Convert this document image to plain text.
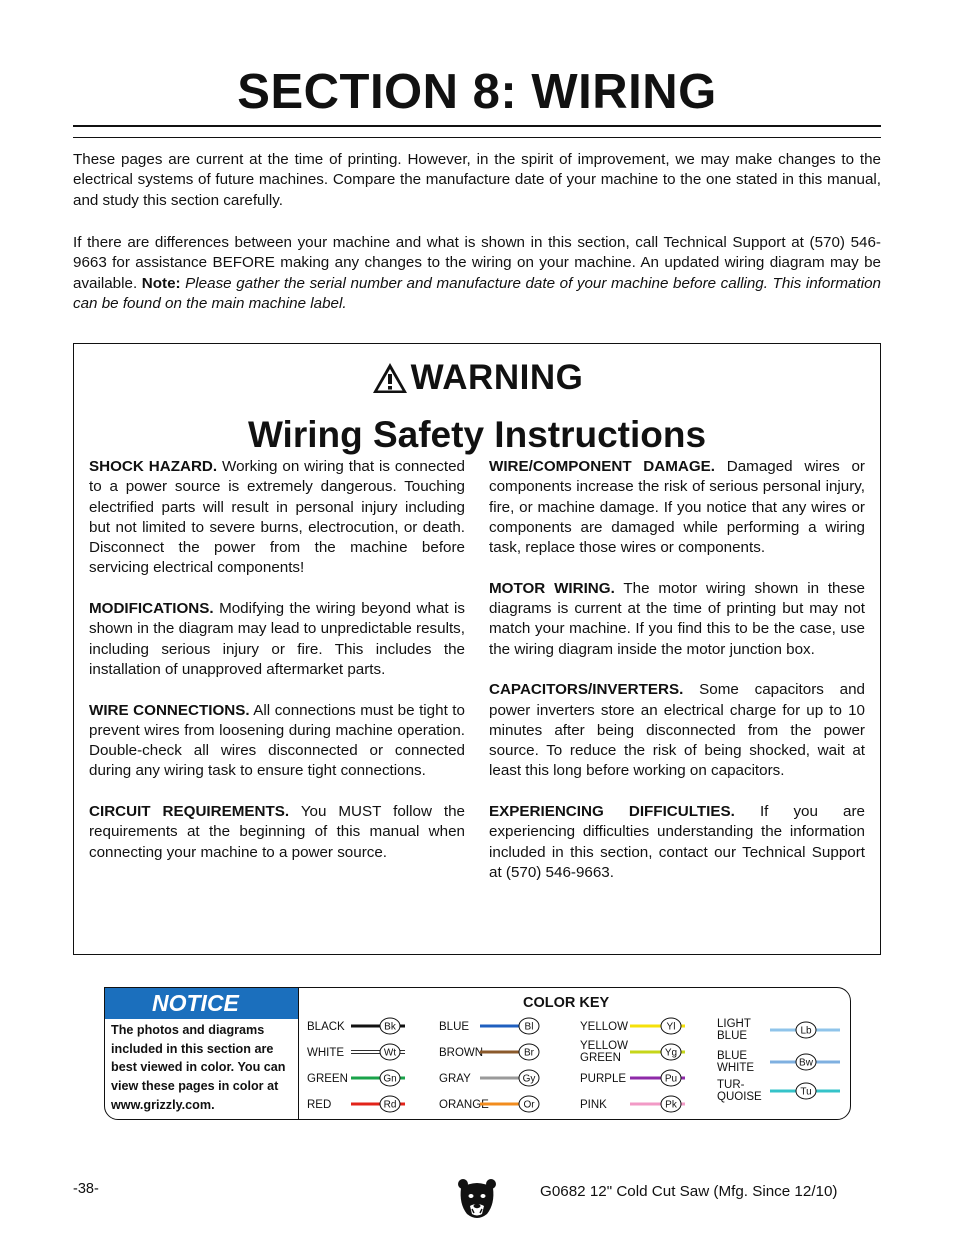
SECTION 8: WIRING

These pages are current at the time of printing. However, in the spirit of improvement, we may make changes to the electrical systems of future machines. Compare the manufacture date of your machine to the one stated in this manual, and study this section carefully.

If there are differences between your machine and what is shown in this section, call Technical Support at (570) 546-9663 for assistance BEFORE making any changes to the wiring on your machine. An updated wiring diagram may be available. Note: Please gather the serial number and manufacture date of your machine before calling. This information can be found on the main machine label.

WARNING
Wiring Safety Instructions

SHOCK HAZARD. Working on wiring that is connected to a power source is extremely dangerous. Touching electrified parts will result in personal injury including but not limited to severe burns, electrocution, or death. Disconnect the power from the machine before servicing electrical components!

MODIFICATIONS. Modifying the wiring beyond what is shown in the diagram may lead to unpredictable results, including serious injury or fire. This includes the installation of unapproved aftermarket parts.

WIRE CONNECTIONS. All connections must be tight to prevent wires from loosening during machine operation. Double-check all wires disconnected or connected during any wiring task to ensure tight connections.

CIRCUIT REQUIREMENTS. You MUST follow the requirements at the beginning of this manual when connecting your machine to a power source.

WIRE/COMPONENT DAMAGE. Damaged wires or components increase the risk of serious personal injury, fire, or machine damage. If you notice that any wires or components are damaged while performing a wiring task, replace those wires or components.

MOTOR WIRING. The motor wiring shown in these diagrams is current at the time of printing but may not match your machine. If you find this to be the case, use the wiring diagram inside the motor junction box.

CAPACITORS/INVERTERS. Some capacitors and power inverters store an electrical charge for up to 10 minutes after being disconnected from the power source. To reduce the risk of being shocked, wait at least this long before working on capacitors.

EXPERIENCING DIFFICULTIES. If you are experiencing difficulties understanding the information included in this section, contact our Technical Support at (570) 546-9663.

NOTICE
The photos and diagrams included in this section are best viewed in color. You can view these pages in color at www.grizzly.com.
COLOR KEY
BLACK	Bk
WHITE	Wt
GREEN	Gn
RED	Rd
BLUE	Bl
BROWN	Br
GRAY	Gy
ORANGE	Or
YELLOW	Yl
YELLOW
GREEN	Yg
PURPLE	Pu
PINK	Pk
LIGHT
BLUE	Lb
BLUE
WHITE	Bw
TUR-
QUOISE	Tu
-38-	G0682 12" Cold Cut Saw (Mfg. Since 12/10)
